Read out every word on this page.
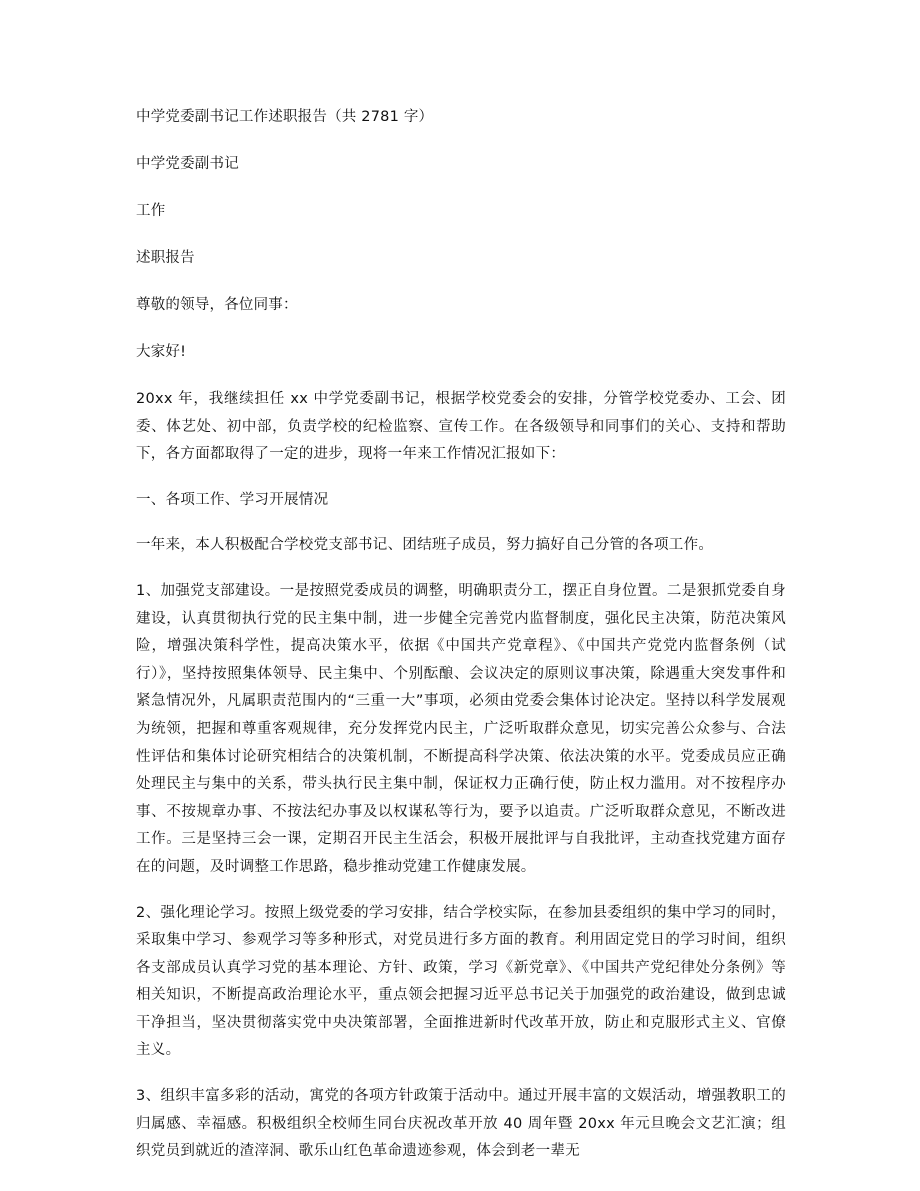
中学党委副书记工作述职报告（共 2781 字）

中学党委副书记

工作

述职报告

尊敬的领导，各位同事：

大家好!

20xx 年，我继续担任 xx 中学党委副书记，根据学校党委会的安排，分管学校党委办、工会、团委、体艺处、初中部，负责学校的纪检监察、宣传工作。在各级领导和同事们的关心、支持和帮助下，各方面都取得了一定的进步，现将一年来工作情况汇报如下：

一、各项工作、学习开展情况

一年来，本人积极配合学校党支部书记、团结班子成员，努力搞好自己分管的各项工作。

1、加强党支部建设。一是按照党委成员的调整，明确职责分工，摆正自身位置。二是狠抓党委自身建设，认真贯彻执行党的民主集中制，进一步健全完善党内监督制度，强化民主决策，防范决策风险，增强决策科学性，提高决策水平，依据《中国共产党章程》、《中国共产党党内监督条例（试行）》，坚持按照集体领导、民主集中、个别酝酿、会议决定的原则议事决策，除遇重大突发事件和紧急情况外，凡属职责范围内的“三重一大”事项，必须由党委会集体讨论决定。坚持以科学发展观为统领，把握和尊重客观规律，充分发挥党内民主，广泛听取群众意见，切实完善公众参与、合法性评估和集体讨论研究相结合的决策机制，不断提高科学决策、依法决策的水平。党委成员应正确处理民主与集中的关系，带头执行民主集中制，保证权力正确行使，防止权力滥用。对不按程序办事、不按规章办事、不按法纪办事及以权谋私等行为，要予以追责。广泛听取群众意见，不断改进工作。三是坚持三会一课，定期召开民主生活会，积极开展批评与自我批评，主动查找党建方面存在的问题，及时调整工作思路，稳步推动党建工作健康发展。

2、强化理论学习。按照上级党委的学习安排，结合学校实际，在参加县委组织的集中学习的同时，采取集中学习、参观学习等多种形式，对党员进行多方面的教育。利用固定党日的学习时间，组织各支部成员认真学习党的基本理论、方针、政策，学习《新党章》、《中国共产党纪律处分条例》等相关知识，不断提高政治理论水平，重点领会把握习近平总书记关于加强党的政治建设，做到忠诚干净担当，坚决贯彻落实党中央决策部署，全面推进新时代改革开放，防止和克服形式主义、官僚主义。

3、组织丰富多彩的活动，寓党的各项方针政策于活动中。通过开展丰富的文娱活动，增强教职工的归属感、幸福感。积极组织全校师生同台庆祝改革开放 40 周年暨 20xx 年元旦晚会文艺汇演；组织党员到就近的渣滓洞、歌乐山红色革命遗迹参观，体会到老一辈无
